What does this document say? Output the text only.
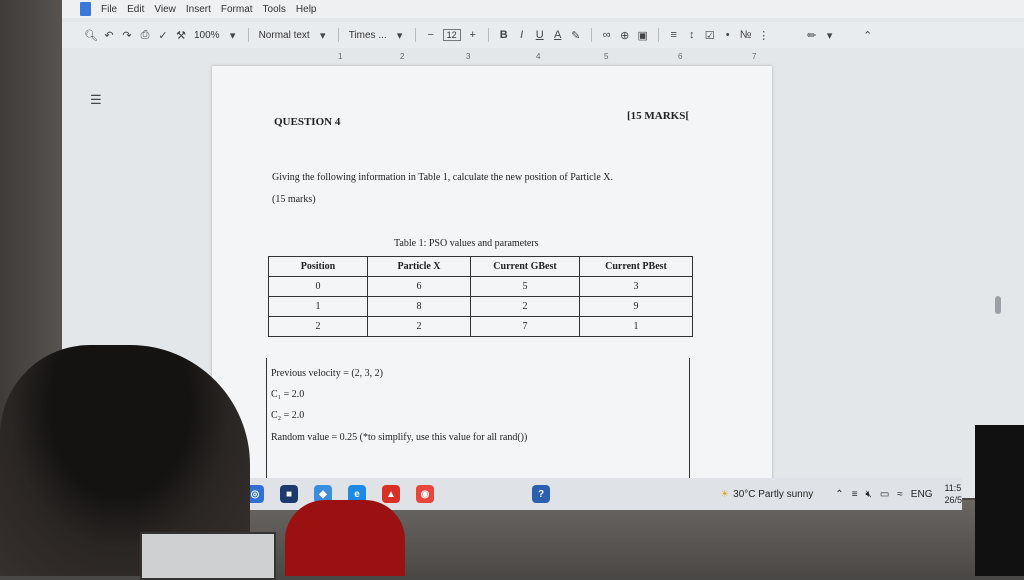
File Edit View Insert Format Tools Help
🔍︎ ↶ ↷ ⎙ ✓ ⚒ 100% ▾	Normal text ▾	Times ... ▾	−	12	+	B	I	U A ✎ ∞ ⊕ ▣	≡	↕ ☑	• № ⋮	✏ ▾	⌃
1	2	3	4	5	6	7
☰
QUESTION 4	[15 MARKS[
Giving the following information in Table 1, calculate the new position of Particle X.
(15 marks)
Table 1: PSO values and parameters
Position	Particle X	Current GBest	Current PBest
0	6	5	3
1	8	2	9
2	2	7	1
Previous velocity = (2, 3, 2)
C₁ = 2.0
C₂ = 2.0
Random value = 0.25 (*to simplify, use this value for all rand())
◎	■	◆	e	▲	◉	?	☀ 30°C Partly sunny ⌃ ≡ 🔇︎ ▭ ≈ ENG
11:5
26/5
